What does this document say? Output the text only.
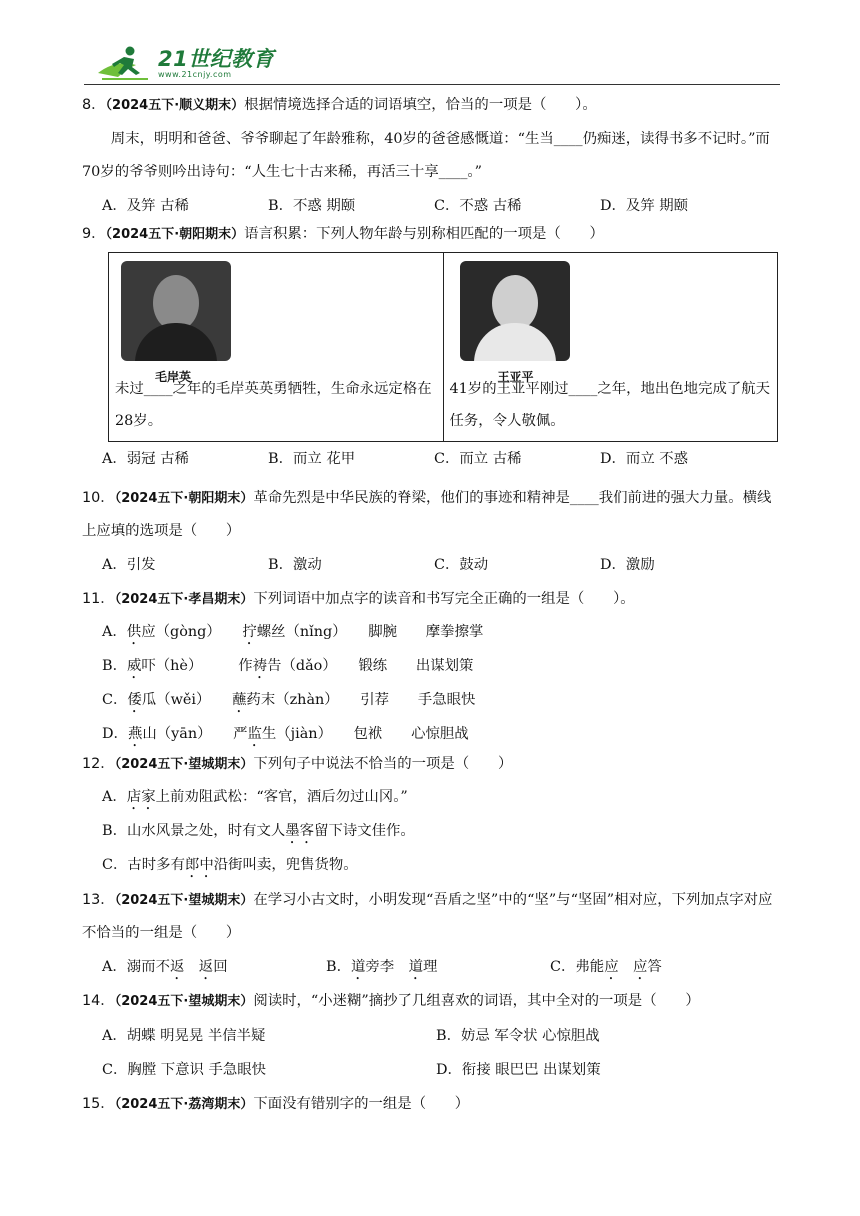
21世纪教育
www.21cnjy.com

8．（2024五下·顺义期末）根据情境选择合适的词语填空，恰当的一项是（　　）。

周末，明明和爸爸、爷爷聊起了年龄雅称，40岁的爸爸感慨道：“生当____仍痴迷，读得书多不记时。”而70岁的爷爷则吟出诗句：“人生七十古来稀，再活三十享____。”

A．及笄 古稀	B．不惑 期颐	C．不惑 古稀	D．及笄 期颐

9．（2024五下·朝阳期末）语言积累：下列人物年龄与别称相匹配的一项是（　　）

毛岸英
未过____之年的毛岸英英勇牺牲，生命永远定格在28岁。

王亚平
41岁的王亚平刚过____之年，地出色地完成了航天任务，令人敬佩。
A．弱冠 古稀	B．而立 花甲	C．而立 古稀	D．而立 不惑

10．（2024五下·朝阳期末）革命先烈是中华民族的脊梁，他们的事迹和精神是____我们前进的强大力量。横线上应填的选项是（　　）

A．引发	B．激动	C．鼓动	D．激励

11．（2024五下·孝昌期末）下列词语中加点字的读音和书写完全正确的一组是（　　）。

A．供应（gòng）　　拧螺丝（nǐng）　　脚腕　　摩拳擦掌
B．威吓（hè）　　　作祷告（dǎo）　　锻练　　出谋划策
C．倭瓜（wěi）　　蘸药末（zhàn）　　引荐　　手急眼快
D．燕山（yān）　　严监生（jiàn）　　包袱　　心惊胆战

12．（2024五下·望城期末）下列句子中说法不恰当的一项是（　　）

A．店家上前劝阻武松：“客官，酒后勿过山冈。”
B．山水风景之处，时有文人墨客留下诗文佳作。
C．古时多有郎中沿街叫卖，兜售货物。

13．（2024五下·望城期末）在学习小古文时，小明发现“吾盾之坚”中的“坚”与“坚固”相对应，下列加点字对应不恰当的一组是（　　）

A．溺而不返　 返回	B．道旁李　道理	C．弗能应　 应答

14．（2024五下·望城期末）阅读时，“小迷糊”摘抄了几组喜欢的词语，其中全对的一项是（　　）

A．胡蝶 明晃晃 半信半疑	B．妨忌 军令状 心惊胆战
C．胸膛 下意识 手急眼快	D．衔接 眼巴巴 出谋划策

15．（2024五下·荔湾期末）下面没有错别字的一组是（　　）
